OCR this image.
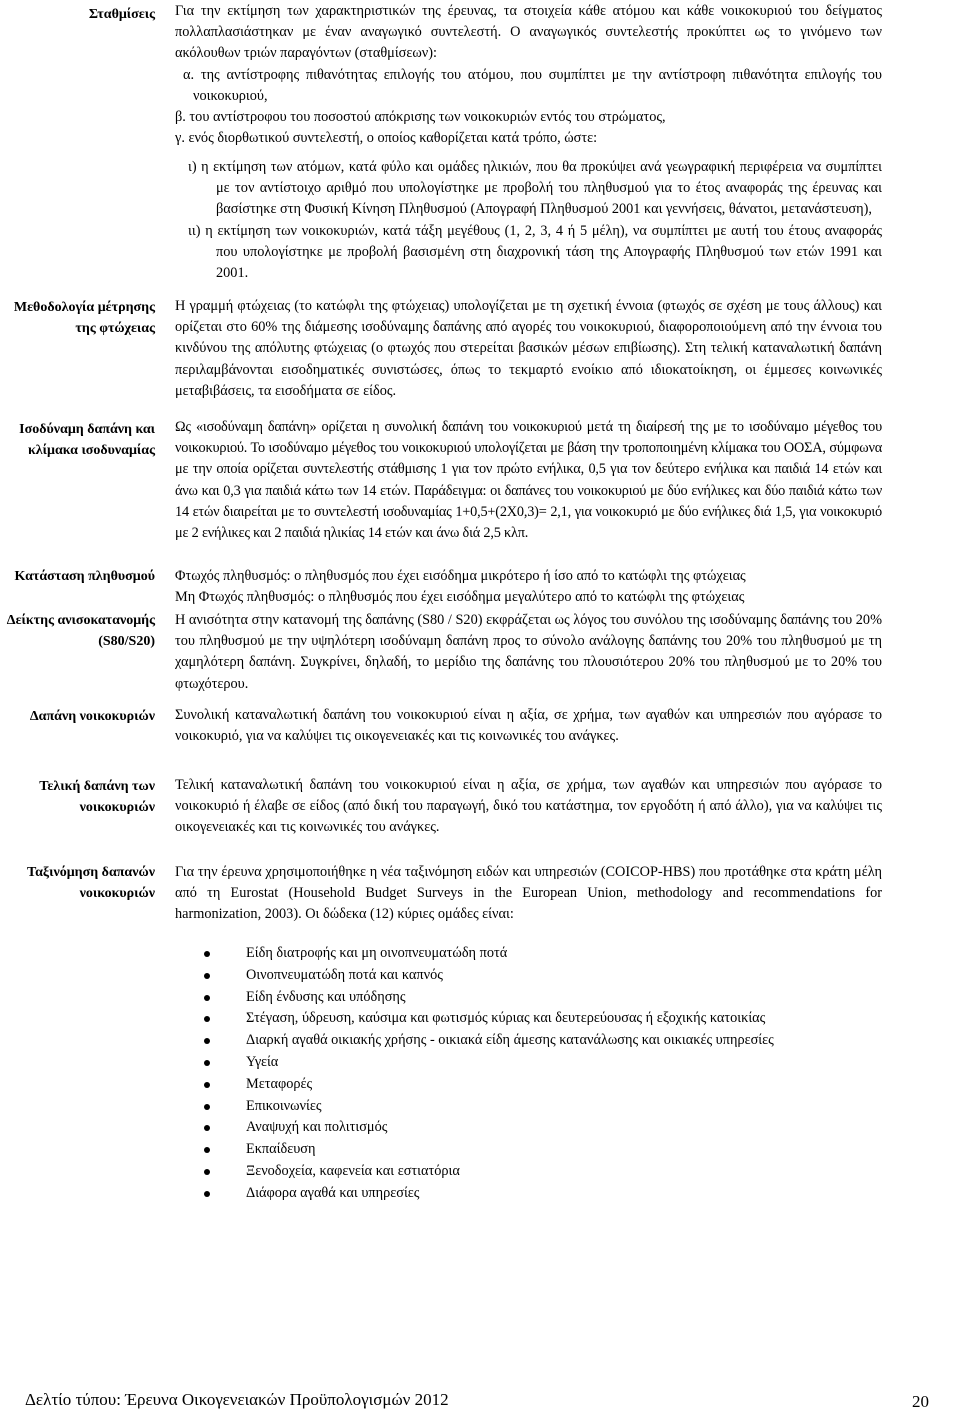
Σταθμίσεις
Μεθοδολογία μέτρησης της φτώχειας
Ισοδύναμη δαπάνη και κλίμακα ισοδυναμίας
Κατάσταση πληθυσμού
Δείκτης ανισοκατανομής (S80/S20)
Δαπάνη νοικοκυριών
Τελική δαπάνη των νοικοκυριών
Ταξινόμηση δαπανών νοικοκυριών

Για την εκτίμηση των χαρακτηριστικών της έρευνας, τα στοιχεία κάθε ατόμου και κάθε νοικοκυριού του δείγματος πολλαπλασιάστηκαν με έναν αναγωγικό συντελεστή. Ο αναγωγικός συντελεστής προκύπτει ως το γινόμενο των ακόλουθων τριών παραγόντων (σταθμίσεων):

α. της αντίστροφης πιθανότητας επιλογής του ατόμου, που συμπίπτει με την αντίστροφη πιθανότητα επιλογής του νοικοκυριού,

β. του αντίστροφου του ποσοστού απόκρισης των νοικοκυριών εντός του στρώματος,

γ. ενός διορθωτικού συντελεστή, ο οποίος καθορίζεται κατά τρόπο, ώστε:

ι) η εκτίμηση των ατόμων, κατά φύλο και ομάδες ηλικιών, που θα προκύψει ανά γεωγραφική περιφέρεια να συμπίπτει με τον αντίστοιχο αριθμό που υπολογίστηκε με προβολή του πληθυσμού για το έτος αναφοράς της έρευνας και βασίστηκε στη Φυσική Κίνηση Πληθυσμού (Απογραφή Πληθυσμού 2001 και γεννήσεις, θάνατοι, μετανάστευση),

ιι) η εκτίμηση των νοικοκυριών, κατά τάξη μεγέθους (1, 2, 3, 4 ή 5 μέλη), να συμπίπτει με αυτή του έτους αναφοράς που υπολογίστηκε με προβολή βασισμένη στη διαχρονική τάση της Απογραφής Πληθυσμού των ετών 1991 και 2001.

Η γραμμή φτώχειας (το κατώφλι της φτώχειας) υπολογίζεται με τη σχετική έννοια (φτωχός σε σχέση με τους άλλους) και ορίζεται στο 60% της διάμεσης ισοδύναμης δαπάνης από αγορές του νοικοκυριού, διαφοροποιούμενη από την έννοια του κινδύνου της απόλυτης φτώχειας (ο φτωχός που στερείται βασικών μέσων επιβίωσης). Στη τελική καταναλωτική δαπάνη περιλαμβάνονται εισοδηματικές συνιστώσες, όπως το τεκμαρτό ενοίκιο από ιδιοκατοίκηση, οι έμμεσες κοινωνικές μεταβιβάσεις, τα εισοδήματα σε είδος.
Ως «ισοδύναμη δαπάνη» ορίζεται η συνολική δαπάνη του νοικοκυριού μετά τη διαίρεσή της με το ισοδύναμο μέγεθος του νοικοκυριού. Το ισοδύναμο μέγεθος του νοικοκυριού υπολογίζεται με βάση την τροποποιημένη κλίμακα του ΟΟΣΑ, σύμφωνα με την οποία ορίζεται συντελεστής στάθμισης 1 για τον πρώτο ενήλικα, 0,5 για τον δεύτερο ενήλικα και παιδιά 14 ετών και άνω και 0,3 για παιδιά κάτω των 14 ετών. Παράδειγμα: οι δαπάνες του νοικοκυριού με δύο ενήλικες και δύο παιδιά κάτω των 14 ετών διαιρείται με το συντελεστή ισοδυναμίας 1+0,5+(2Χ0,3)= 2,1, για νοικοκυριό με δύο ενήλικες διά 1,5, για νοικοκυριό με 2 ενήλικες και 2 παιδιά ηλικίας 14 ετών και άνω διά 2,5 κλπ.

Φτωχός πληθυσμός: ο πληθυσμός που έχει εισόδημα μικρότερο ή ίσο από το κατώφλι της φτώχειας

Μη Φτωχός πληθυσμός: ο πληθυσμός που έχει εισόδημα μεγαλύτερο από το κατώφλι της φτώχειας

Η ανισότητα στην κατανομή της δαπάνης (S80 / S20) εκφράζεται ως λόγος του συνόλου της ισοδύναμης δαπάνης του 20% του πληθυσμού με την υψηλότερη ισοδύναμη δαπάνη προς το σύνολο ανάλογης δαπάνης του 20% του πληθυσμού με τη χαμηλότερη δαπάνη. Συγκρίνει, δηλαδή, το μερίδιο της δαπάνης του πλουσιότερου 20% του πληθυσμού με το 20% του φτωχότερου.
Συνολική καταναλωτική δαπάνη του νοικοκυριού είναι η αξία, σε χρήμα, των αγαθών και υπηρεσιών που αγόρασε το νοικοκυριό, για να καλύψει τις οικογενειακές και τις κοινωνικές του ανάγκες.
Τελική καταναλωτική δαπάνη του νοικοκυριού είναι η αξία, σε χρήμα, των αγαθών και υπηρεσιών που αγόρασε το νοικοκυριό ή έλαβε σε είδος (από δική του παραγωγή, δικό του κατάστημα, τον εργοδότη ή από άλλο), για να καλύψει τις οικογενειακές και τις κοινωνικές του ανάγκες.
Για την έρευνα χρησιμοποιήθηκε η νέα ταξινόμηση ειδών και υπηρεσιών (COICOP-HBS) που προτάθηκε στα κράτη μέλη από τη Eurostat (Household Budget Surveys in the European Union, methodology and recommendations for harmonization, 2003). Οι δώδεκα (12) κύριες ομάδες είναι:
Είδη διατροφής και μη οινοπνευματώδη ποτά
Οινοπνευματώδη ποτά και καπνός
Είδη ένδυσης και υπόδησης
Στέγαση, ύδρευση, καύσιμα και φωτισμός κύριας και δευτερεύουσας ή εξοχικής κατοικίας
Διαρκή αγαθά οικιακής χρήσης - οικιακά είδη άμεσης κατανάλωσης και οικιακές υπηρεσίες
Υγεία
Μεταφορές
Επικοινωνίες
Αναψυχή και πολιτισμός
Εκπαίδευση
Ξενοδοχεία, καφενεία και εστιατόρια
Διάφορα αγαθά και υπηρεσίες
Δελτίο τύπου: Έρευνα Οικογενειακών Προϋπολογισμών 2012	20
